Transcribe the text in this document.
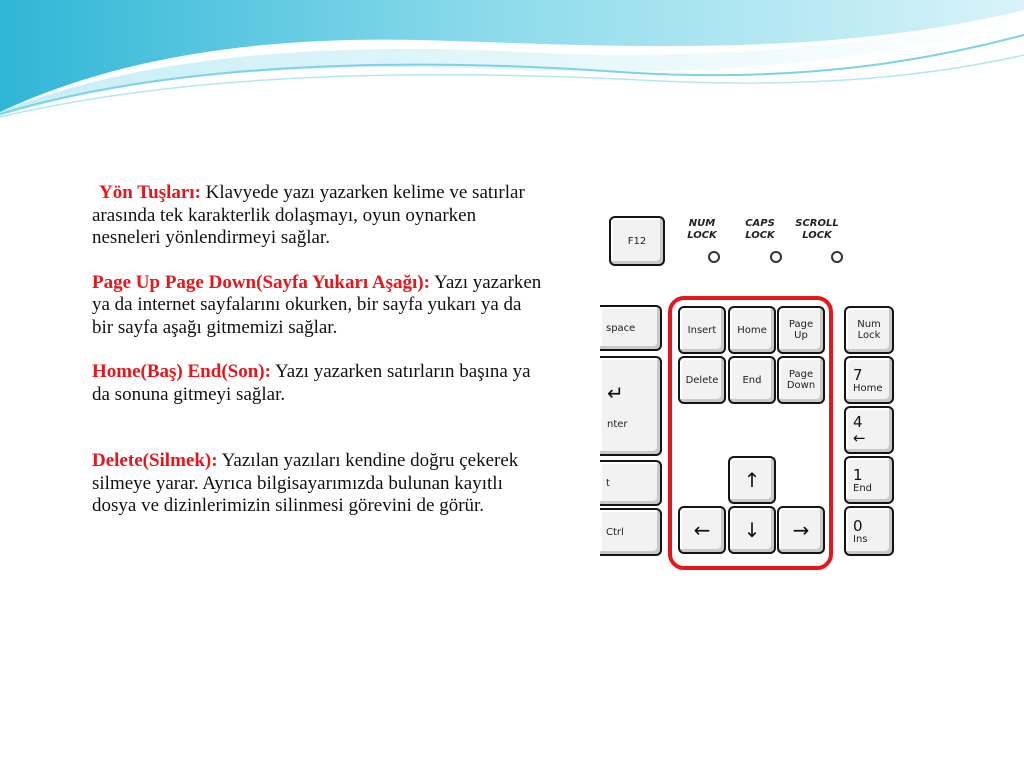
Yön Tuşları: Klavyede yazı yazarken kelime ve satırlar arasında tek karakterlik dolaşmayı, oyun oynarken nesneleri yönlendirmeyi sağlar.

Page Up Page Down(Sayfa Yukarı Aşağı): Yazı yazarken ya da internet sayfalarını okurken, bir sayfa yukarı ya da bir sayfa aşağı gitmemizi sağlar.

Home(Baş) End(Son): Yazı yazarken satırların başına ya da sonuna gitmeyi sağlar.

Delete(Silmek): Yazılan yazıları kendine doğru çekerek silmeye yarar. Ayrıca bilgisayarımızda bulunan kayıtlı dosya ve dizinlerimizin silinmesi görevini de görür.

F12
NUM
LOCK
CAPS
LOCK
SCROLL
LOCK
space
↵
nter
t
Ctrl
Insert Home Page
Up
Delete End	Page
Down
↑
← ↓ →
Num
Lock
7
Home
4
←
1
End
0
Ins
